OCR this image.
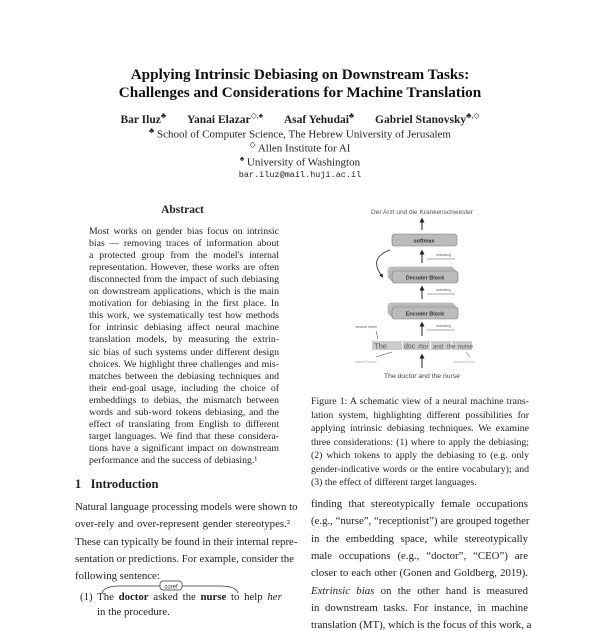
Applying Intrinsic Debiasing on Downstream Tasks:
Challenges and Considerations for Machine Translation
Bar Iluz♣ Yanai Elazar◇,♠ Asaf Yehudai♣ Gabriel Stanovsky♣,◇
♣ School of Computer Science, The Hebrew University of Jerusalem
◇ Allen Institute for AI
♠ University of Washington
bar.iluz@mail.huji.ac.il
Abstract
Most works on gender bias focus on intrinsic
bias — removing traces of information about
a protected group from the model's internal
representation. However, these works are often
disconnected from the impact of such debiasing
on downstream applications, which is the main
motivation for debiasing in the first place. In
this work, we systematically test how methods
for intrinsic debiasing affect neural machine
translation models, by measuring the extrin-
sic bias of such systems under different design
choices. We highlight three challenges and mis-
matches between the debiasing techniques and
their end-goal usage, including the choice of
embeddings to debias, the mismatch between
words and sub-word tokens debiasing, and the
effect of translating from English to different
target languages. We find that these considera-
tions have a significant impact on downstream
performance and the success of debiasing.¹
1 Introduction
Natural language processing models were shown to
over-rely and over-represent gender stereotypes.²
These can typically be found in their internal repre-
sentation or predictions. For example, consider the
following sentence:
coref
(1) The doctor asked the nurse to help her
in the procedure.
Der Arzt und die Krankenschwester
softmax
debiasing
Decoder Block
debiasing
Encoder Block
debiasing
neutral token
The doc #tor and the nurse
biased token	biased word
The doctor and the nurse
Figure 1: A schematic view of a neural machine trans-
lation system, highlighting different possibilities for
applying intrinsic debiasing techniques. We examine
three considerations: (1) where to apply the debiasing;
(2) which tokens to apply the debiasing to (e.g. only
gender-indicative words or the entire vocabulary); and
(3) the effect of different target languages.
finding that stereotypically female occupations
(e.g., “nurse”, “receptionist”) are grouped together
in the embedding space, while stereotypically
male occupations (e.g., “doctor”, “CEO”) are
closer to each other (Gonen and Goldberg, 2019).
Extrinsic bias on the other hand is measured
in downstream tasks. For instance, in machine
translation (MT), which is the focus of this work, a
